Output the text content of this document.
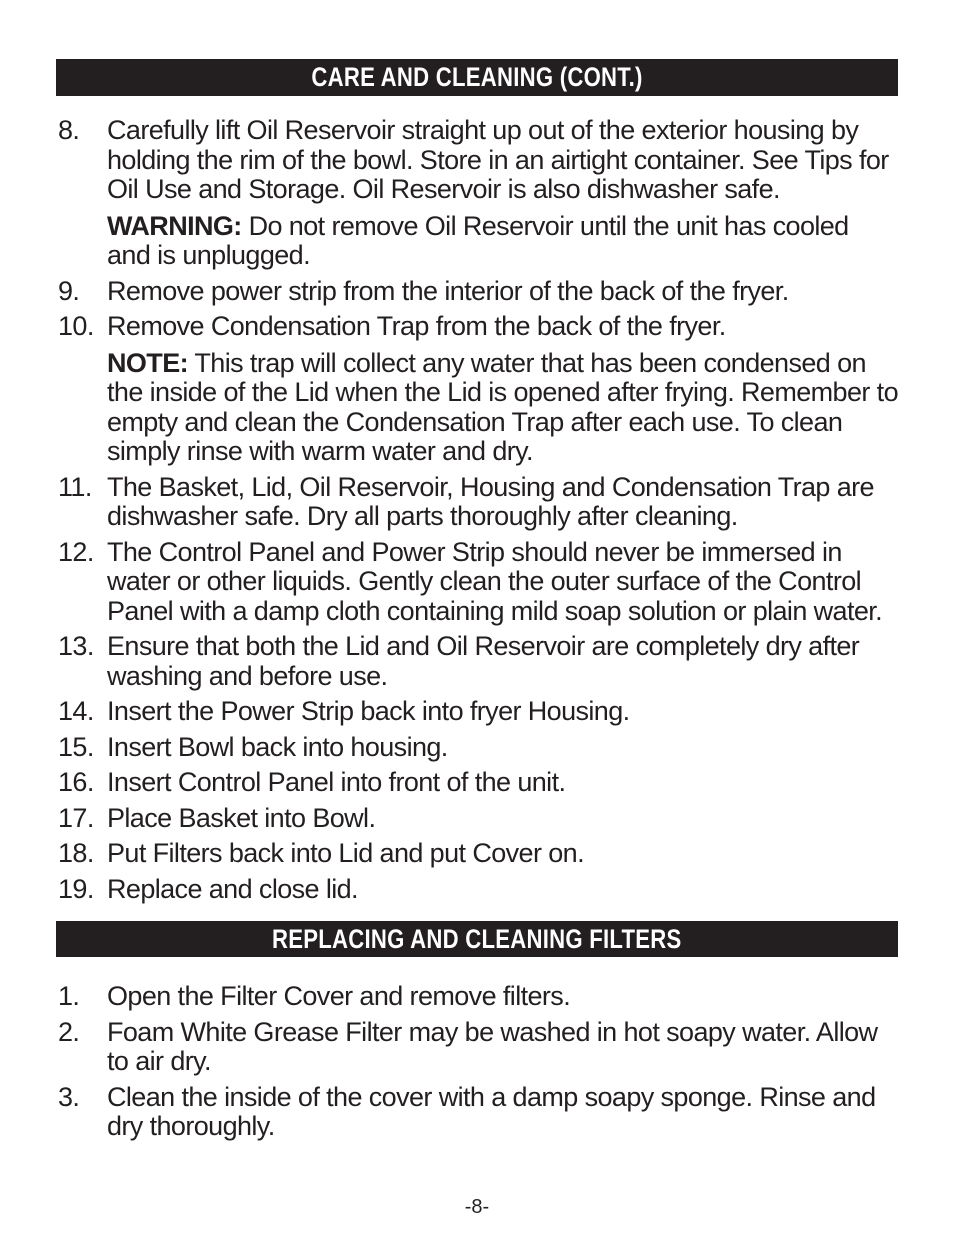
CARE AND CLEANING (CONT.)
8. Carefully lift Oil Reservoir straight up out of the exterior housing by holding the rim of the bowl. Store in an airtight container. See Tips for Oil Use and Storage. Oil Reservoir is also dishwasher safe.
WARNING: Do not remove Oil Reservoir until the unit has cooled and is unplugged.
9. Remove power strip from the interior of the back of the fryer.
10. Remove Condensation Trap from the back of the fryer.
NOTE: This trap will collect any water that has been condensed on the inside of the Lid when the Lid is opened after frying. Remember to empty and clean the Condensation Trap after each use. To clean simply rinse with warm water and dry.
11. The Basket, Lid, Oil Reservoir, Housing and Condensation Trap are dishwasher safe. Dry all parts thoroughly after cleaning.
12. The Control Panel and Power Strip should never be immersed in water or other liquids. Gently clean the outer surface of the Control Panel with a damp cloth containing mild soap solution or plain water.
13. Ensure that both the Lid and Oil Reservoir are completely dry after washing and before use.
14. Insert the Power Strip back into fryer Housing.
15. Insert Bowl back into housing.
16. Insert Control Panel into front of the unit.
17. Place Basket into Bowl.
18. Put Filters back into Lid and put Cover on.
19. Replace and close lid.
REPLACING AND CLEANING FILTERS
1. Open the Filter Cover and remove filters.
2. Foam White Grease Filter may be washed in hot soapy water. Allow to air dry.
3. Clean the inside of the cover with a damp soapy sponge. Rinse and dry thoroughly.
-8-
